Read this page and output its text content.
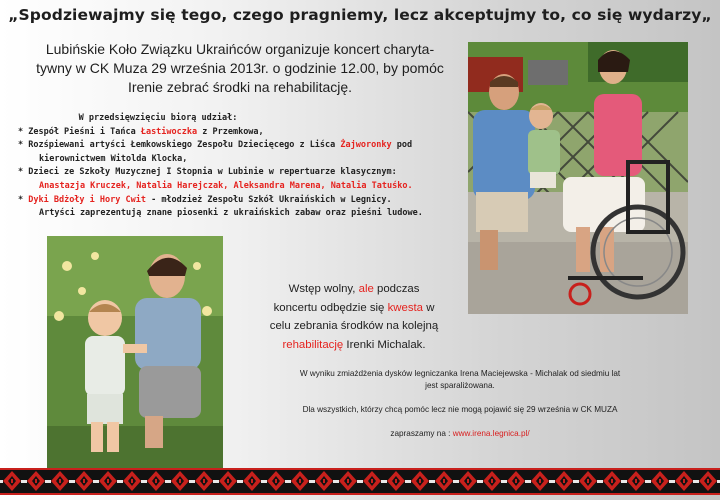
„Spodziewajmy się tego, czego pragniemy, lecz akceptujmy to, co się wydarzy„
Lubińskie Koło Związku Ukraińców organizuje koncert charyta-
tywny w CK Muza 29 września 2013r. o godzinie 12.00, by pomóc
Irenie zebrać środki na rehabilitację.
W przedsięwzięciu biorą udział:
* Zespół Pieśni i Tańca Łastiwoczka z Przemkowa,
* Rozśpiewani artyści Łemkowskiego Zespołu Dziecięcego z Liśca Żajworonky pod
kierownictwem Witolda Klocka,
* Dzieci ze Szkoły Muzycznej I Stopnia w Lubinie w repertuarze klasycznym:
Anastazja Kruczek, Natalia Harejczak, Aleksandra Marena, Natalia Tatuśko.
* Dyki Bdżoły i Hory Cwit - młodzież Zespołu Szkół Ukraińskich w Legnicy.
Artyści zaprezentują znane piosenki z ukraińskich zabaw oraz pieśni ludowe.
Wstęp wolny, ale podczas
koncertu odbędzie się kwesta w
celu zebrania środków na kolejną
rehabilitację Irenki Michalak.

W wyniku zmiażdżenia dysków legniczanka Irena Maciejewska - Michalak od siedmiu lat
jest sparaliżowana.

Dla wszystkich, którzy chcą pomóc lecz nie mogą pojawić się 29 września w CK MUZA

zapraszamy na : www.irena.legnica.pl/
